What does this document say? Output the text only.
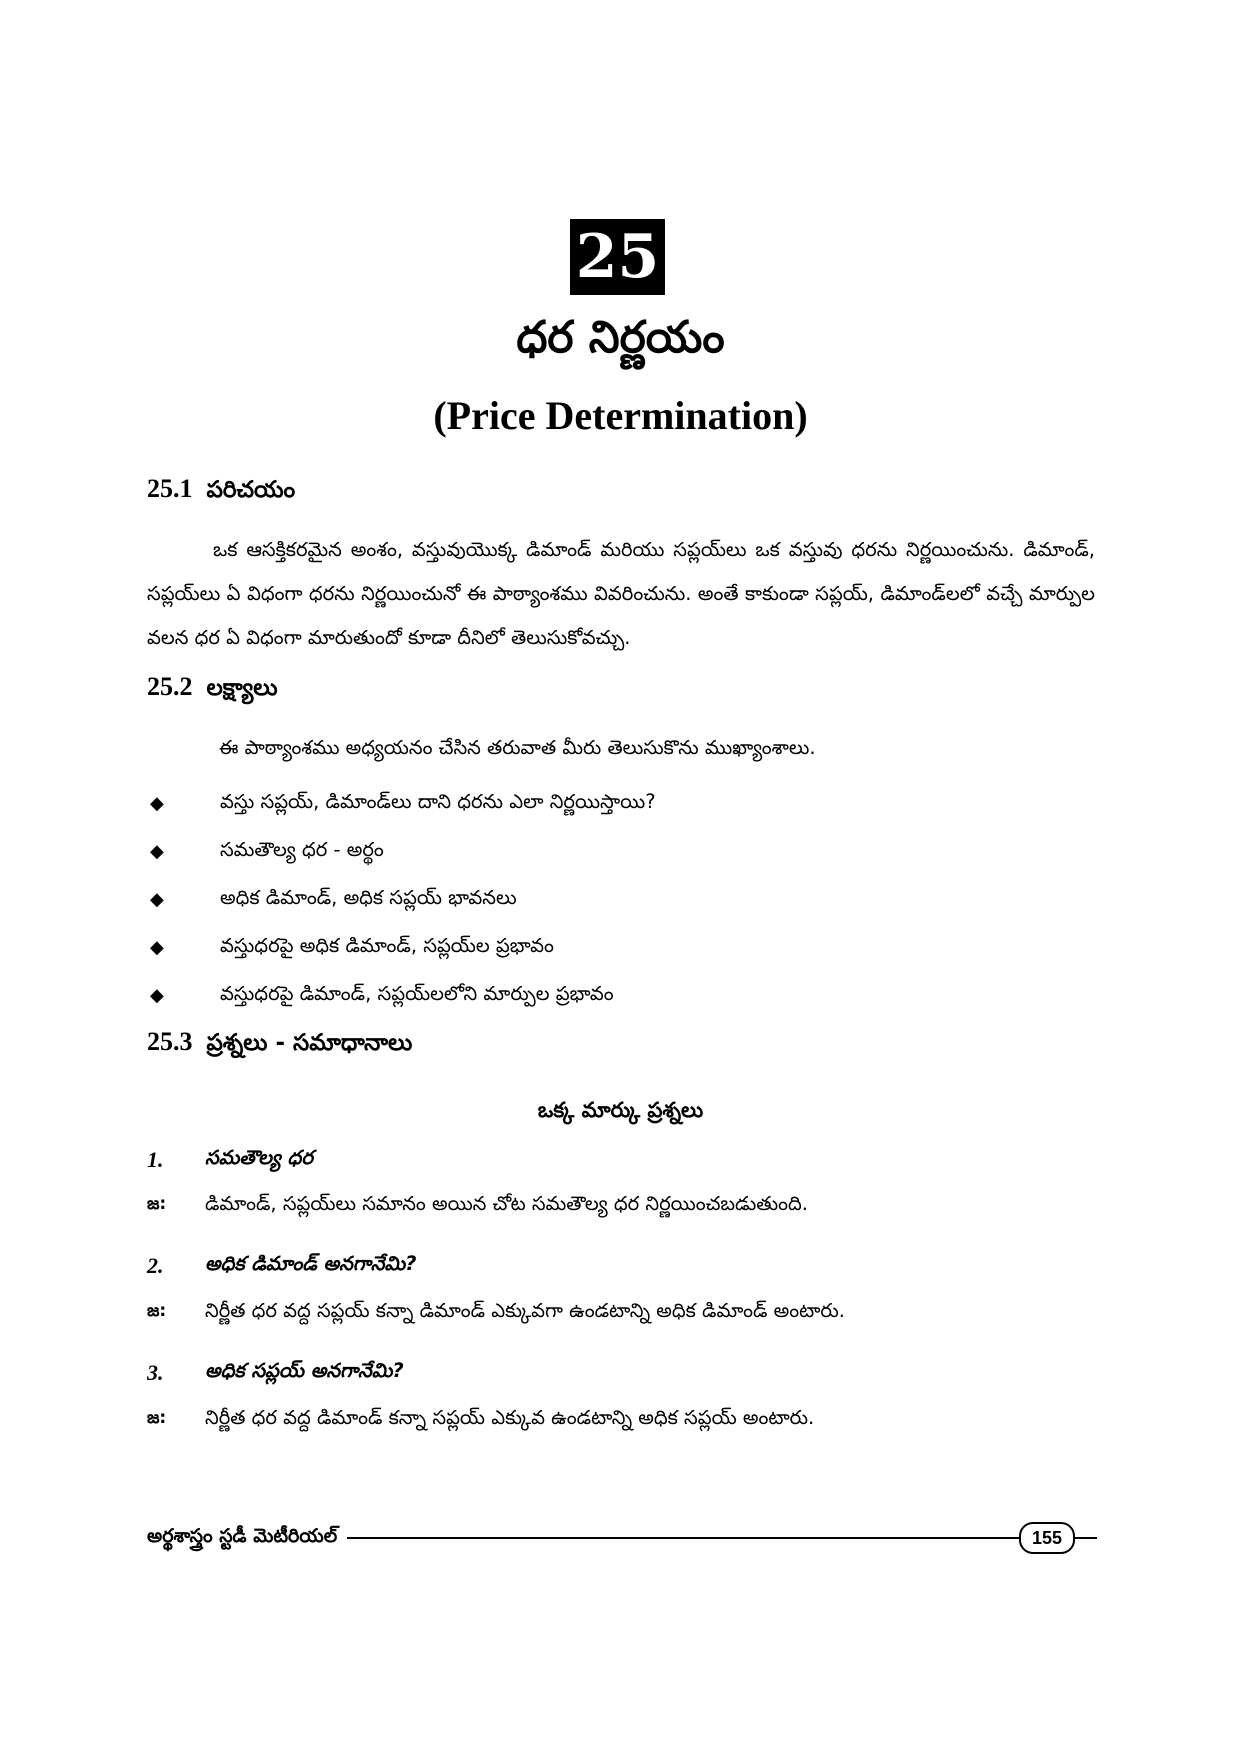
25
ధర నిర్ణయం
(Price Determination)
25.1 పరిచయం

ఒక ఆసక్తికరమైన అంశం, వస్తువుయొక్క డిమాండ్ మరియు సప్లయ్‌లు ఒక వస్తువు ధరను నిర్ణయించును. డిమాండ్, సప్లయ్‌లు ఏ విధంగా ధరను నిర్ణయించునో ఈ పాఠ్యాంశము వివరించును. అంతే కాకుండా సప్లయ్, డిమాండ్‌లలో వచ్చే మార్పుల వలన ధర ఏ విధంగా మారుతుందో కూడా దీనిలో తెలుసుకోవచ్చు.

25.2 లక్ష్యాలు
ఈ పాఠ్యాంశము అధ్యయనం చేసిన తరువాత మీరు తెలుసుకొను ముఖ్యాంశాలు.
◆	వస్తు సప్లయ్, డిమాండ్‌లు దాని ధరను ఎలా నిర్ణయిస్తాయి?
◆	సమతౌల్య ధర - అర్థం
◆	అధిక డిమాండ్, అధిక సప్లయ్ భావనలు
◆	వస్తుధరపై అధిక డిమాండ్, సప్లయ్‌ల ప్రభావం
◆	వస్తుధరపై డిమాండ్, సప్లయ్‌లలోని మార్పుల ప్రభావం
25.3 ప్రశ్నలు - సమాధానాలు
ఒక్క మార్కు ప్రశ్నలు
1.	సమతౌల్య ధర
జ:	డిమాండ్, సప్లయ్‌లు సమానం అయిన చోట సమతౌల్య ధర నిర్ణయించబడుతుంది.
2.	అధిక డిమాండ్ అనగానేమి?
జ:	నిర్ణీత ధర వద్ద సప్లయ్ కన్నా డిమాండ్ ఎక్కువగా ఉండటాన్ని అధిక డిమాండ్ అంటారు.
3.	అధిక సప్లయ్ అనగానేమి?
జ:	నిర్ణీత ధర వద్ద డిమాండ్ కన్నా సప్లయ్ ఎక్కువ ఉండటాన్ని అధిక సప్లయ్ అంటారు.
అర్థశాస్త్రం స్టడీ మెటీరియల్	155
